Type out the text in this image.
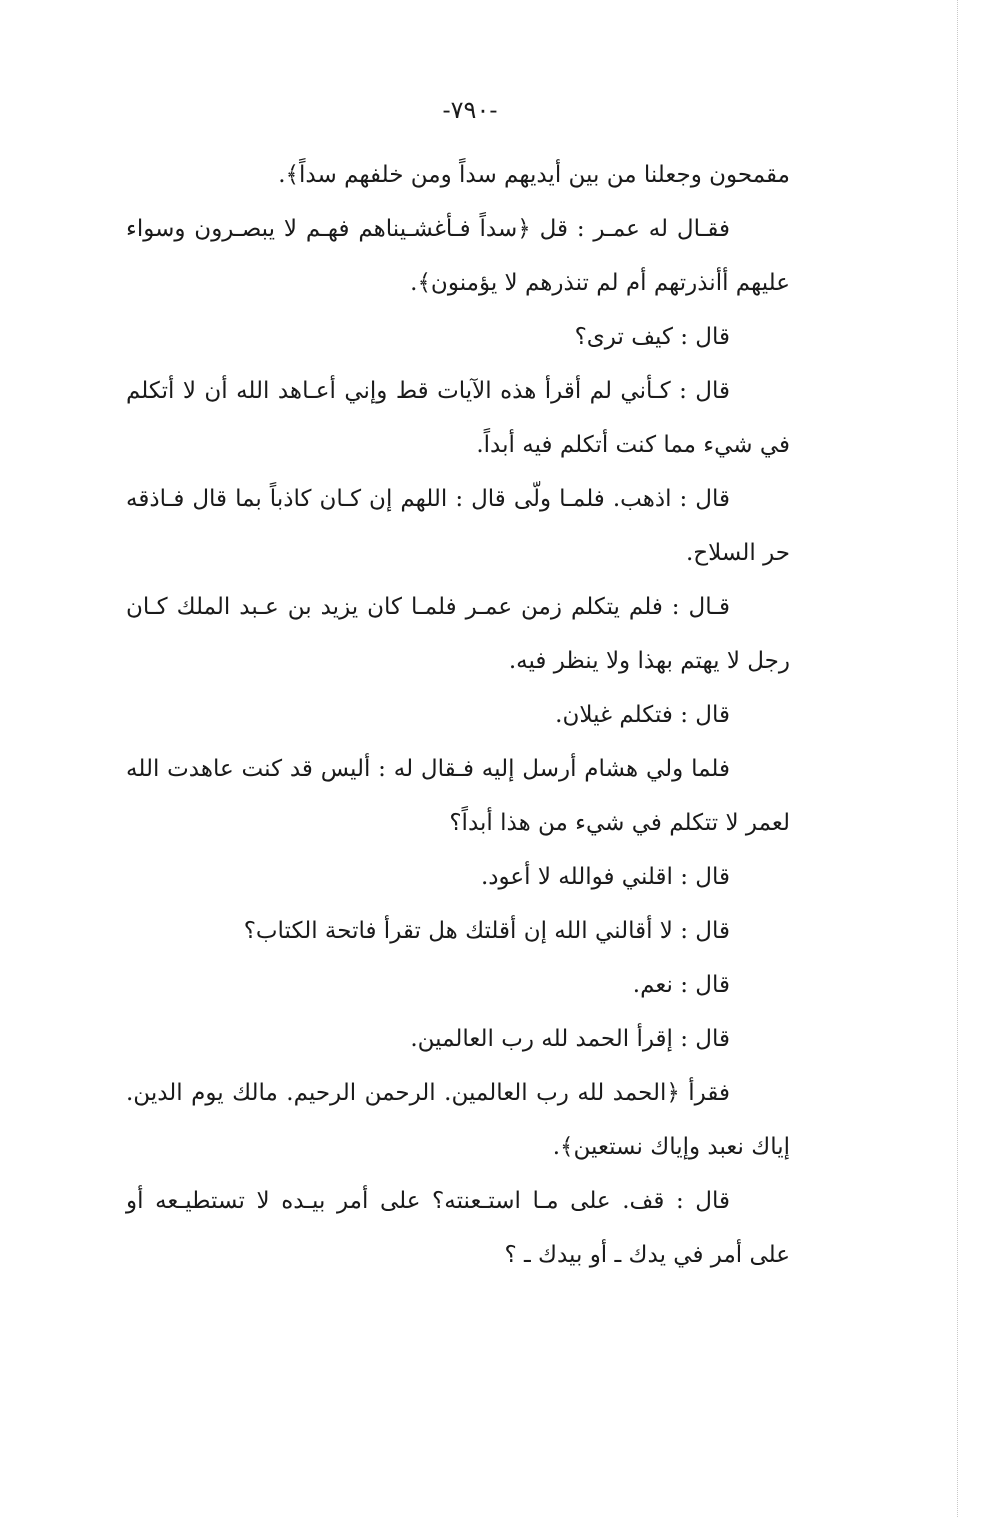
-٧٩٠-

مقمحون وجعلنا من بين أيديهم سداً ومن خلفهم سداً﴾.

فقـال له عمـر : قل ﴿سداً فـأغشـيناهم فهـم لا يبصـرون وسواء عليهم أأنذرتهم أم لم تنذرهم لا يؤمنون﴾.

قال : كيف ترى؟

قال : كـأني لم أقرأ هذه الآيات قط وإني أعـاهد الله أن لا أتكلم في شيء مما كنت أتكلم فيه أبداً.

قال : اذهب. فلمـا ولّى قال : اللهم إن كـان كاذباً بما قال فـاذقه حر السلاح.

قـال : فلم يتكلم زمن عمـر فلمـا كان يزيد بن عـبد الملك كـان رجل لا يهتم بهذا ولا ينظر فيه.

قال : فتكلم غيلان.

فلما ولي هشام أرسل إليه فـقال له : أليس قد كنت عاهدت الله لعمر لا تتكلم في شيء من هذا أبداً؟

قال : اقلني فوالله لا أعود.

قال : لا أقالني الله إن أقلتك هل تقرأ فاتحة الكتاب؟

قال : نعم.

قال : إقرأ الحمد لله رب العالمين.

فقرأ ﴿الحمد لله رب العالمين. الرحمن الرحيم. مالك يوم الدين. إياك نعبد وإياك نستعين﴾.

قال : قف. على مـا استـعنته؟ على أمر بيـده لا تستطيـعه أو على أمر في يدك ـ أو بيدك ـ ؟
